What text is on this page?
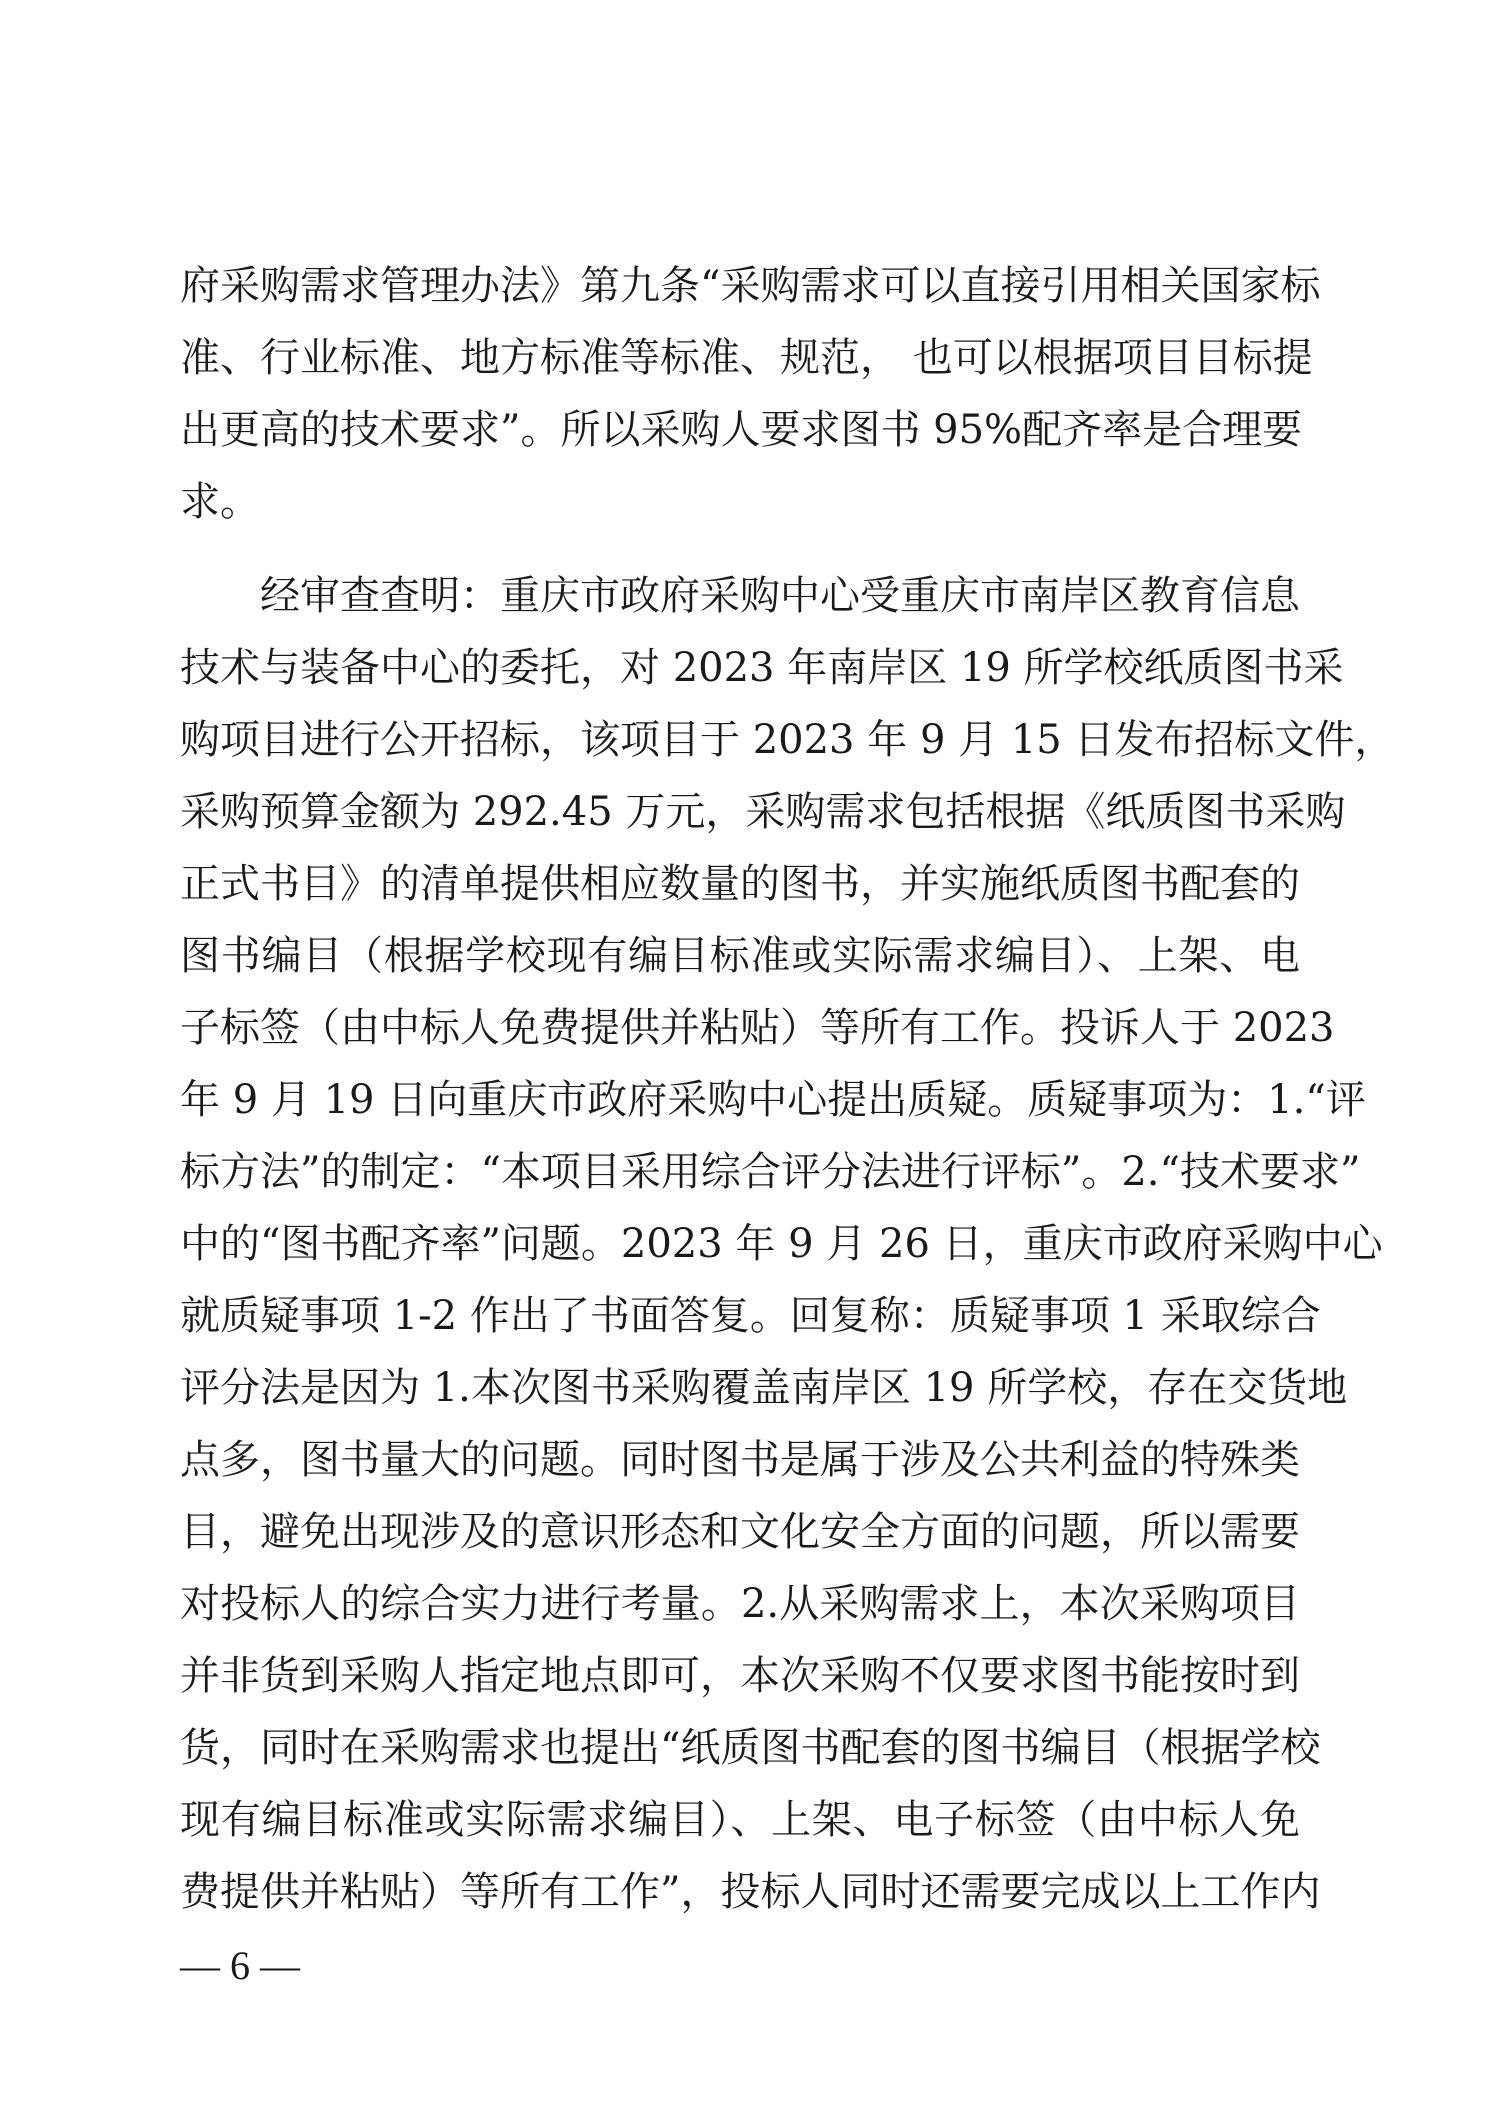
府采购需求管理办法》第九条“采购需求可以直接引用相关国家标
准、行业标准、地方标准等标准、规范， 也可以根据项目目标提
出更高的技术要求”。所以采购人要求图书 95%配齐率是合理要
求。
经审查查明：重庆市政府采购中心受重庆市南岸区教育信息
技术与装备中心的委托，对 2023 年南岸区 19 所学校纸质图书采
购项目进行公开招标，该项目于 2023 年 9 月 15 日发布招标文件，
采购预算金额为 292.45 万元，采购需求包括根据《纸质图书采购
正式书目》的清单提供相应数量的图书，并实施纸质图书配套的
图书编目（根据学校现有编目标准或实际需求编目）、上架、电
子标签（由中标人免费提供并粘贴）等所有工作。投诉人于 2023
年 9 月 19 日向重庆市政府采购中心提出质疑。质疑事项为：1.“评
标方法”的制定：“本项目采用综合评分法进行评标”。2.“技术要求”
中的“图书配齐率”问题。2023 年 9 月 26 日，重庆市政府采购中心
就质疑事项 1-2 作出了书面答复。回复称：质疑事项 1 采取综合
评分法是因为 1.本次图书采购覆盖南岸区 19 所学校，存在交货地
点多，图书量大的问题。同时图书是属于涉及公共利益的特殊类
目，避免出现涉及的意识形态和文化安全方面的问题，所以需要
对投标人的综合实力进行考量。2.从采购需求上，本次采购项目
并非货到采购人指定地点即可，本次采购不仅要求图书能按时到
货，同时在采购需求也提出“纸质图书配套的图书编目（根据学校
现有编目标准或实际需求编目）、上架、电子标签（由中标人免
费提供并粘贴）等所有工作”，投标人同时还需要完成以上工作内
— 6 —
